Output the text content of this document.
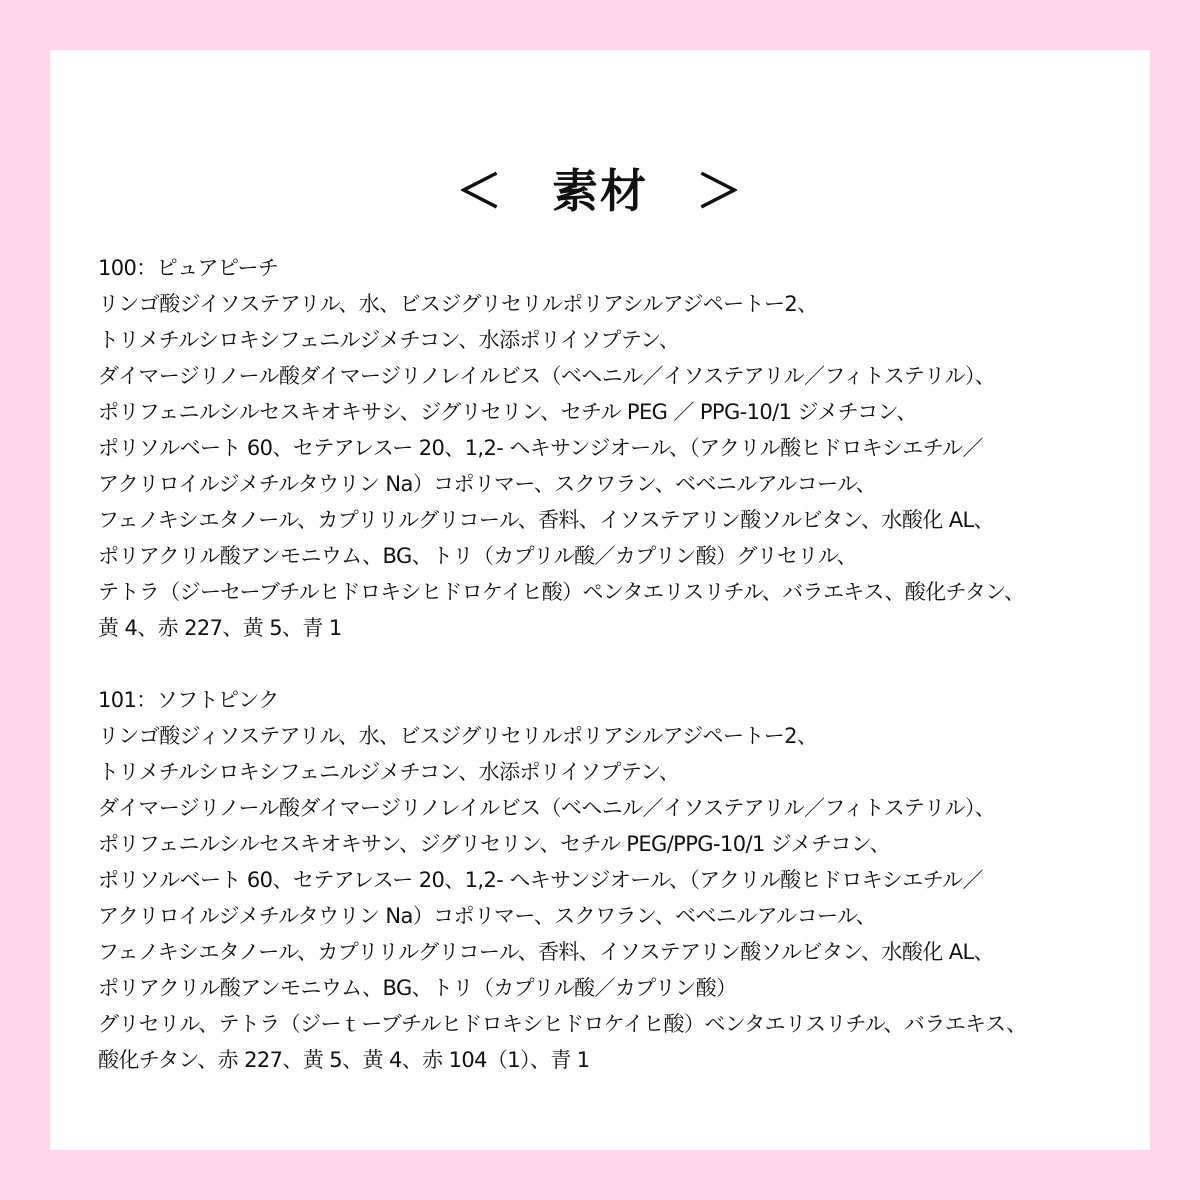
＜　素材　＞
100：ピュアピーチ
リンゴ酸ジイソステアリル、水、ビスジグリセリルポリアシルアジペートー2、
トリメチルシロキシフェニルジメチコン、水添ポリイソプテン、
ダイマージリノール酸ダイマージリノレイルビス（ベヘニル／イソステアリル／フィトステリル）、
ポリフェニルシルセスキオキサシ、ジグリセリン、セチル PEG ／ PPG-10/1 ジメチコン、
ポリソルベート 60、セテアレスー 20、1,2- ヘキサンジオール、（アクリル酸ヒドロキシエチル／
アクリロイルジメチルタウリン Na）コポリマー、スクワラン、ベベニルアルコール、
フェノキシエタノール、カプリリルグリコール、香料、イソステアリン酸ソルビタン、水酸化 AL、
ポリアクリル酸アンモニウム、BG、トリ（カプリル酸／カプリン酸）グリセリル、
テトラ（ジーセーブチルヒドロキシヒドロケイヒ酸）ペンタエリスリチル、バラエキス、酸化チタン、
黄 4、赤 227、黄 5、青 1
101：ソフトピンク
リンゴ酸ジィソステアリル、水、ビスジグリセリルポリアシルアジペートー2、
トリメチルシロキシフェニルジメチコン、水添ポリイソプテン、
ダイマージリノール酸ダイマージリノレイルビス（ベヘニル／イソステアリル／フィトステリル）、
ポリフェニルシルセスキオキサン、ジグリセリン、セチル PEG/PPG-10/1 ジメチコン、
ポリソルベート 60、セテアレスー 20、1,2- ヘキサンジオール、（アクリル酸ヒドロキシエチル／
アクリロイルジメチルタウリン Na）コポリマー、スクワラン、ベベニルアルコール、
フェノキシエタノール、カプリリルグリコール、香料、イソステアリン酸ソルビタン、水酸化 AL、
ポリアクリル酸アンモニウム、BG、トリ（カプリル酸／カプリン酸）
グリセリル、テトラ（ジーｔーブチルヒドロキシヒドロケイヒ酸）ベンタエリスリチル、バラエキス、
酸化チタン、赤 227、黄 5、黄 4、赤 104（1）、青 1
